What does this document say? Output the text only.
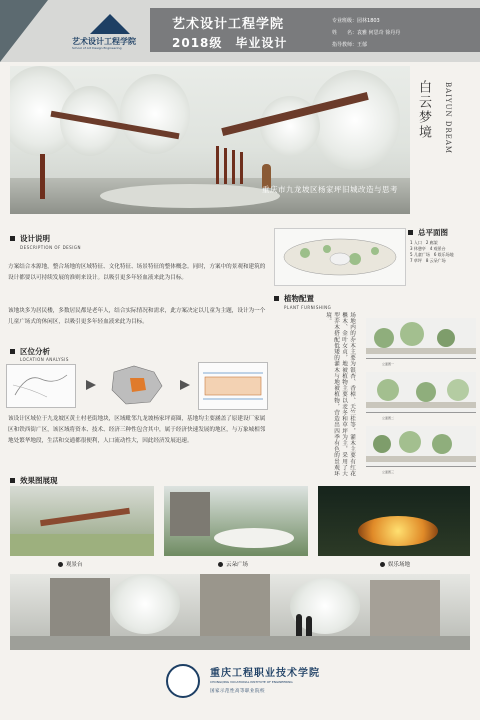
艺术设计工程学院
School of Art Design Engineering
艺术设计工程学院
2018级　毕业设计
专业班级：园林1803
姓　　名：袁雅 何思奇 徐丹丹
指导教师：王郁
重庆市九龙坡区杨家坪旧城改造与思考
白云梦境 BAIYUN DREAM
设计说明
DESCRIPTION OF DESIGN
方案结合本源地，整合场地的区域特征、文化特征、场景特征的整体概念。同时，方案中的景观和建筑的设计都要以可持续发展的准则来设计。以吸引更多年轻血液来此为目标。
该地块多为居民楼，多数居民都是老年人，结合实际情况和需求，此方案决定以儿童为主题，设计为一个儿童广场式的休闲区，以吸引更多年轻血液来此为目标。
区位分析
LOCATION ANALYSIS
该设计区域位于九龙坡区黄土村老街地块，区域毗邻九龙坡杨家坪商圈，基地均主要涵盖了原建设厂家属区和铁西街广区，该区域将资本、技术、经济三种性包含其中，属于经济快速发展的地区，与万象城相邻地处繁华地段，生活和交通都很便利，人口流动性大，因此经济发展迅速。
总平面图
1 入口　 2 廊架
3 休憩亭　 4 观景台
5 儿童广场　 6 娱乐场地
7 草坪　 8 云朵广场
植物配置
PLANT FURNISHING
场地内的乔木主要为银杏、香樟、天竺桂等，灌木主要有红花檵木、金叶女贞，地被植物主要以麦冬和草坪为主，采用了大型乔木搭配低矮的灌木与地被植物，营造出四季有色的景观环境。
立面图一
立面图二
立面图三
效果图展现
观景台	云朵广场	娱乐场地
重庆工程职业技术学院
CHONGQING VOCATIONAL INSTITUTE OF ENGINEERING
国家示范性高等职业院校
